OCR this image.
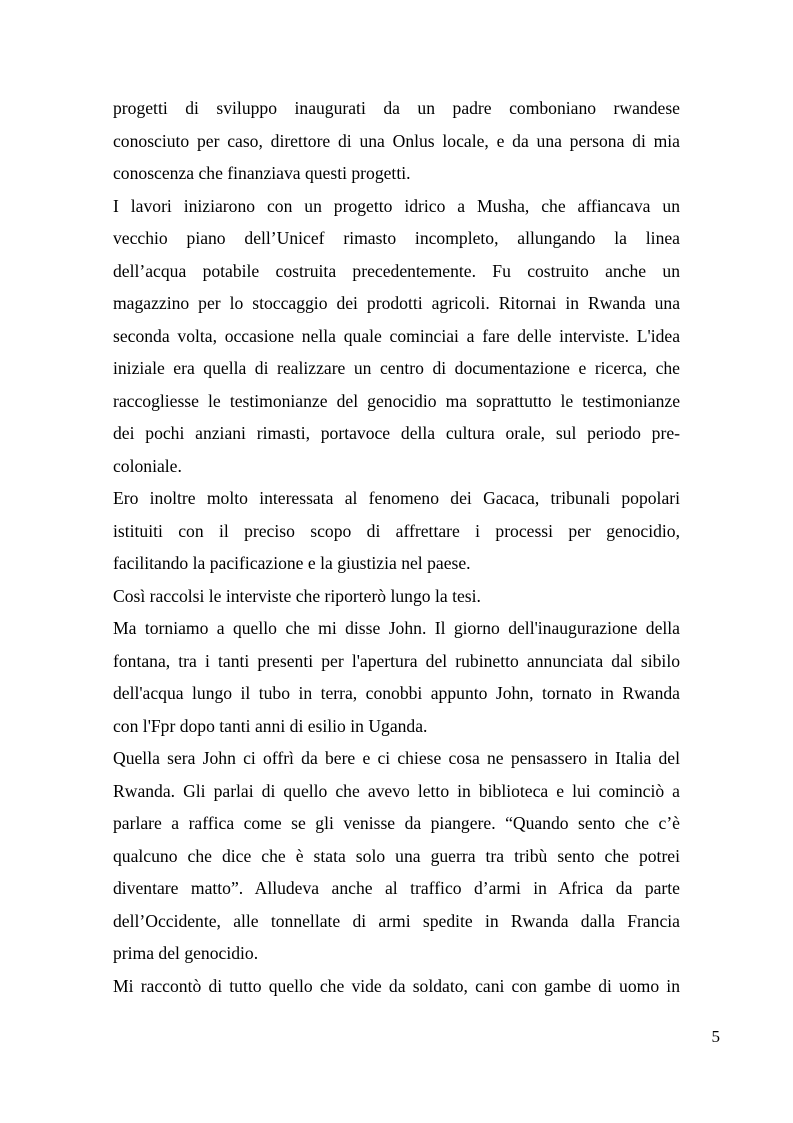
progetti di sviluppo inaugurati da un padre comboniano rwandese
conosciuto per caso, direttore di una Onlus locale, e da una persona di mia
conoscenza che finanziava questi progetti.
I lavori iniziarono con un progetto idrico a Musha, che affiancava un
vecchio piano dell’Unicef rimasto incompleto, allungando la linea
dell’acqua potabile costruita precedentemente. Fu costruito anche un
magazzino per lo stoccaggio dei prodotti agricoli. Ritornai in Rwanda una
seconda volta, occasione nella quale cominciai a fare delle interviste. L'idea
iniziale era quella di realizzare un centro di documentazione e ricerca, che
raccogliesse le testimonianze del genocidio ma soprattutto le testimonianze
dei pochi anziani rimasti, portavoce della cultura orale, sul periodo pre-
coloniale.
Ero inoltre molto interessata al fenomeno dei Gacaca, tribunali popolari
istituiti con il preciso scopo di affrettare i processi per genocidio,
facilitando la pacificazione e la giustizia nel paese.
Così raccolsi le interviste che riporterò lungo la tesi.
Ma torniamo a quello che mi disse John. Il giorno dell'inaugurazione della
fontana, tra i tanti presenti per l'apertura del rubinetto annunciata dal sibilo
dell'acqua lungo il tubo in terra, conobbi appunto John, tornato in Rwanda
con l'Fpr dopo tanti anni di esilio in Uganda.
Quella sera John ci offrì da bere e ci chiese cosa ne pensassero in Italia del
Rwanda. Gli parlai di quello che avevo letto in biblioteca e lui cominciò a
parlare a raffica come se gli venisse da piangere. “Quando sento che c’è
qualcuno che dice che è stata solo una guerra tra tribù sento che potrei
diventare matto”. Alludeva anche al traffico d’armi in Africa da parte
dell’Occidente, alle tonnellate di armi spedite in Rwanda dalla Francia
prima del genocidio.
Mi raccontò di tutto quello che vide da soldato, cani con gambe di uomo in
5
